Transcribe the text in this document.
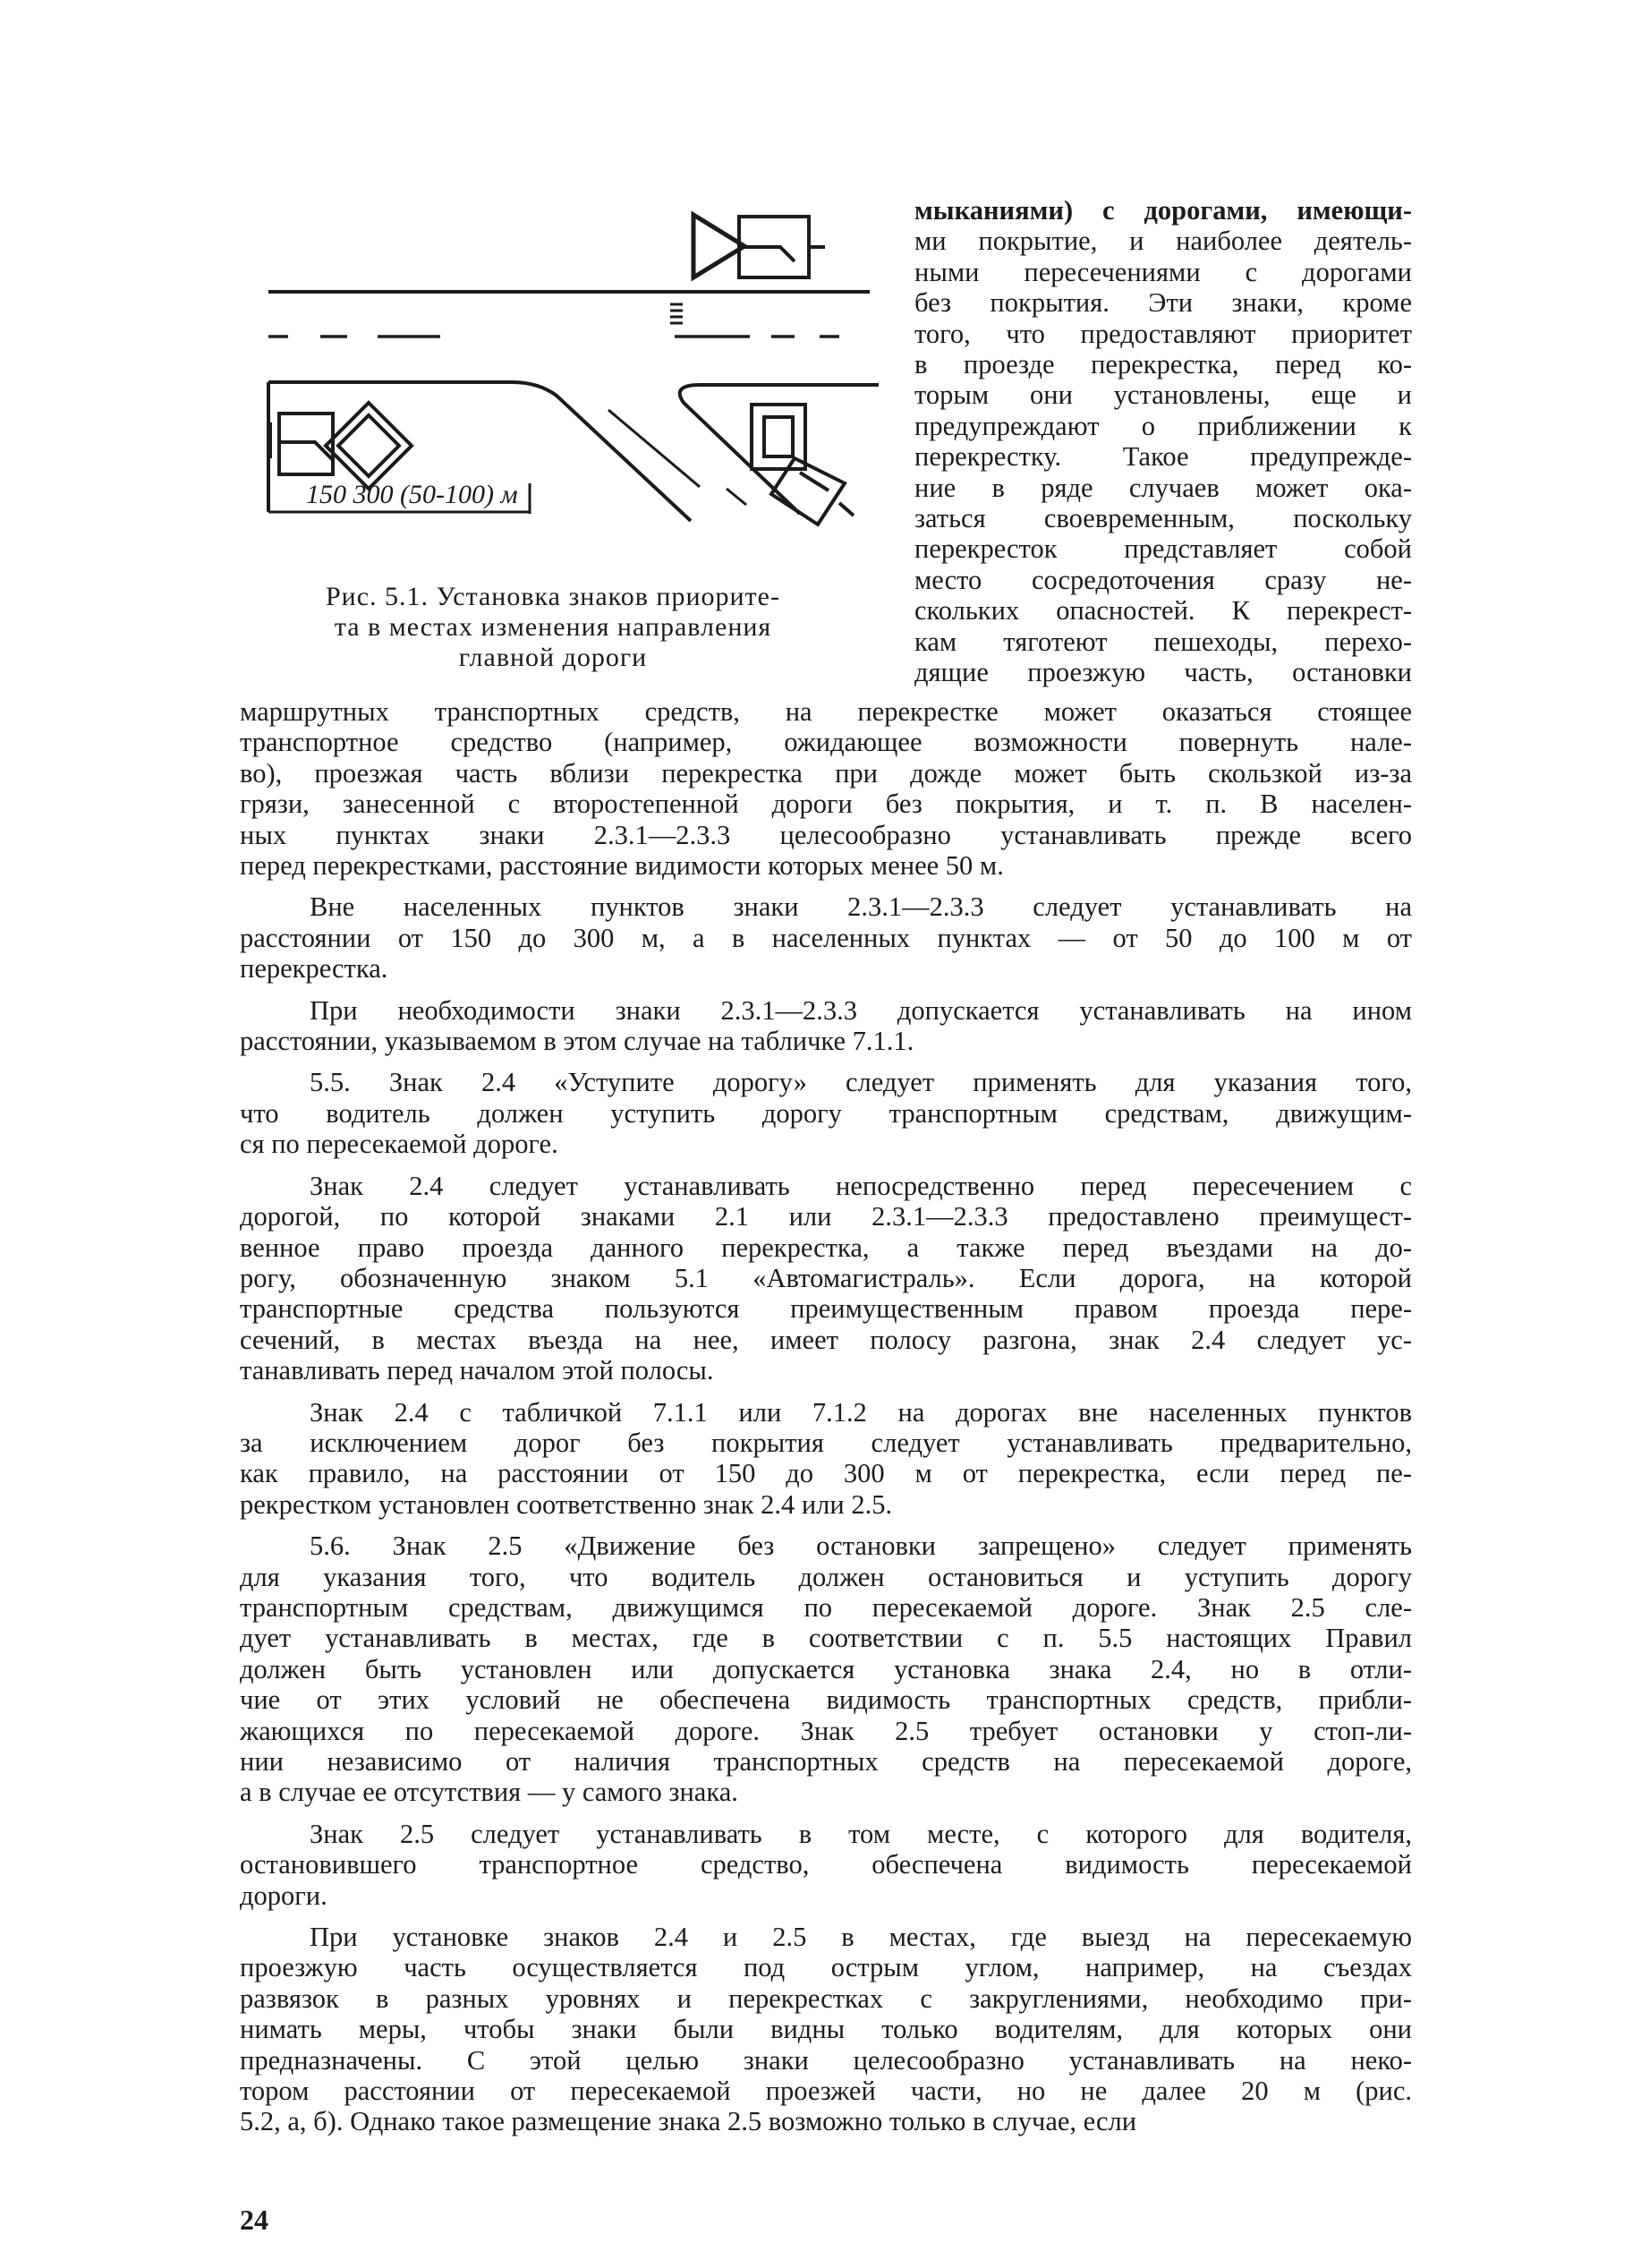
150 300 (50-100) м
Рис. 5.1. Установка знаков приорите-
та в местах изменения направления
главной дороги
мыканиями) с дорогами, имеющи-
ми покрытие, и наиболее деятель-
ными пересечениями с дорогами
без покрытия. Эти знаки, кроме
того, что предоставляют приоритет
в проезде перекрестка, перед ко-
торым они установлены, еще и
предупреждают о приближении к
перекрестку. Такое предупрежде-
ние в ряде случаев может ока-
заться своевременным, поскольку
перекресток представляет собой
место сосредоточения сразу не-
скольких опасностей. К перекрест-
кам тяготеют пешеходы, перехо-
дящие проезжую часть, остановки
маршрутных транспортных средств, на перекрестке может оказаться стоящее
транспортное средство (например, ожидающее возможности повернуть нале-
во), проезжая часть вблизи перекрестка при дожде может быть скользкой из-за
грязи, занесенной с второстепенной дороги без покрытия, и т. п. В населен-
ных пунктах знаки 2.3.1—2.3.3 целесообразно устанавливать прежде всего
перед перекрестками, расстояние видимости которых менее 50 м.
Вне населенных пунктов знаки 2.3.1—2.3.3 следует устанавливать на
расстоянии от 150 до 300 м, а в населенных пунктах — от 50 до 100 м от
перекрестка.
При необходимости знаки 2.3.1—2.3.3 допускается устанавливать на ином
расстоянии, указываемом в этом случае на табличке 7.1.1.
5.5. Знак 2.4 «Уступите дорогу» следует применять для указания того,
что водитель должен уступить дорогу транспортным средствам, движущим-
ся по пересекаемой дороге.
Знак 2.4 следует устанавливать непосредственно перед пересечением с
дорогой, по которой знаками 2.1 или 2.3.1—2.3.3 предоставлено преимущест-
венное право проезда данного перекрестка, а также перед въездами на до-
рогу, обозначенную знаком 5.1 «Автомагистраль». Если дорога, на которой
транспортные средства пользуются преимущественным правом проезда пере-
сечений, в местах въезда на нее, имеет полосу разгона, знак 2.4 следует ус-
танавливать перед началом этой полосы.
Знак 2.4 с табличкой 7.1.1 или 7.1.2 на дорогах вне населенных пунктов
за исключением дорог без покрытия следует устанавливать предварительно,
как правило, на расстоянии от 150 до 300 м от перекрестка, если перед пе-
рекрестком установлен соответственно знак 2.4 или 2.5.
5.6. Знак 2.5 «Движение без остановки запрещено» следует применять
для указания того, что водитель должен остановиться и уступить дорогу
транспортным средствам, движущимся по пересекаемой дороге. Знак 2.5 сле-
дует устанавливать в местах, где в соответствии с п. 5.5 настоящих Правил
должен быть установлен или допускается установка знака 2.4, но в отли-
чие от этих условий не обеспечена видимость транспортных средств, прибли-
жающихся по пересекаемой дороге. Знак 2.5 требует остановки у стоп-ли-
нии независимо от наличия транспортных средств на пересекаемой дороге,
а в случае ее отсутствия — у самого знака.
Знак 2.5 следует устанавливать в том месте, с которого для водителя,
остановившего транспортное средство, обеспечена видимость пересекаемой
дороги.
При установке знаков 2.4 и 2.5 в местах, где выезд на пересекаемую
проезжую часть осуществляется под острым углом, например, на съездах
развязок в разных уровнях и перекрестках с закруглениями, необходимо при-
нимать меры, чтобы знаки были видны только водителям, для которых они
предназначены. С этой целью знаки целесообразно устанавливать на неко-
тором расстоянии от пересекаемой проезжей части, но не далее 20 м (рис.
5.2, а, б). Однако такое размещение знака 2.5 возможно только в случае, если
24
